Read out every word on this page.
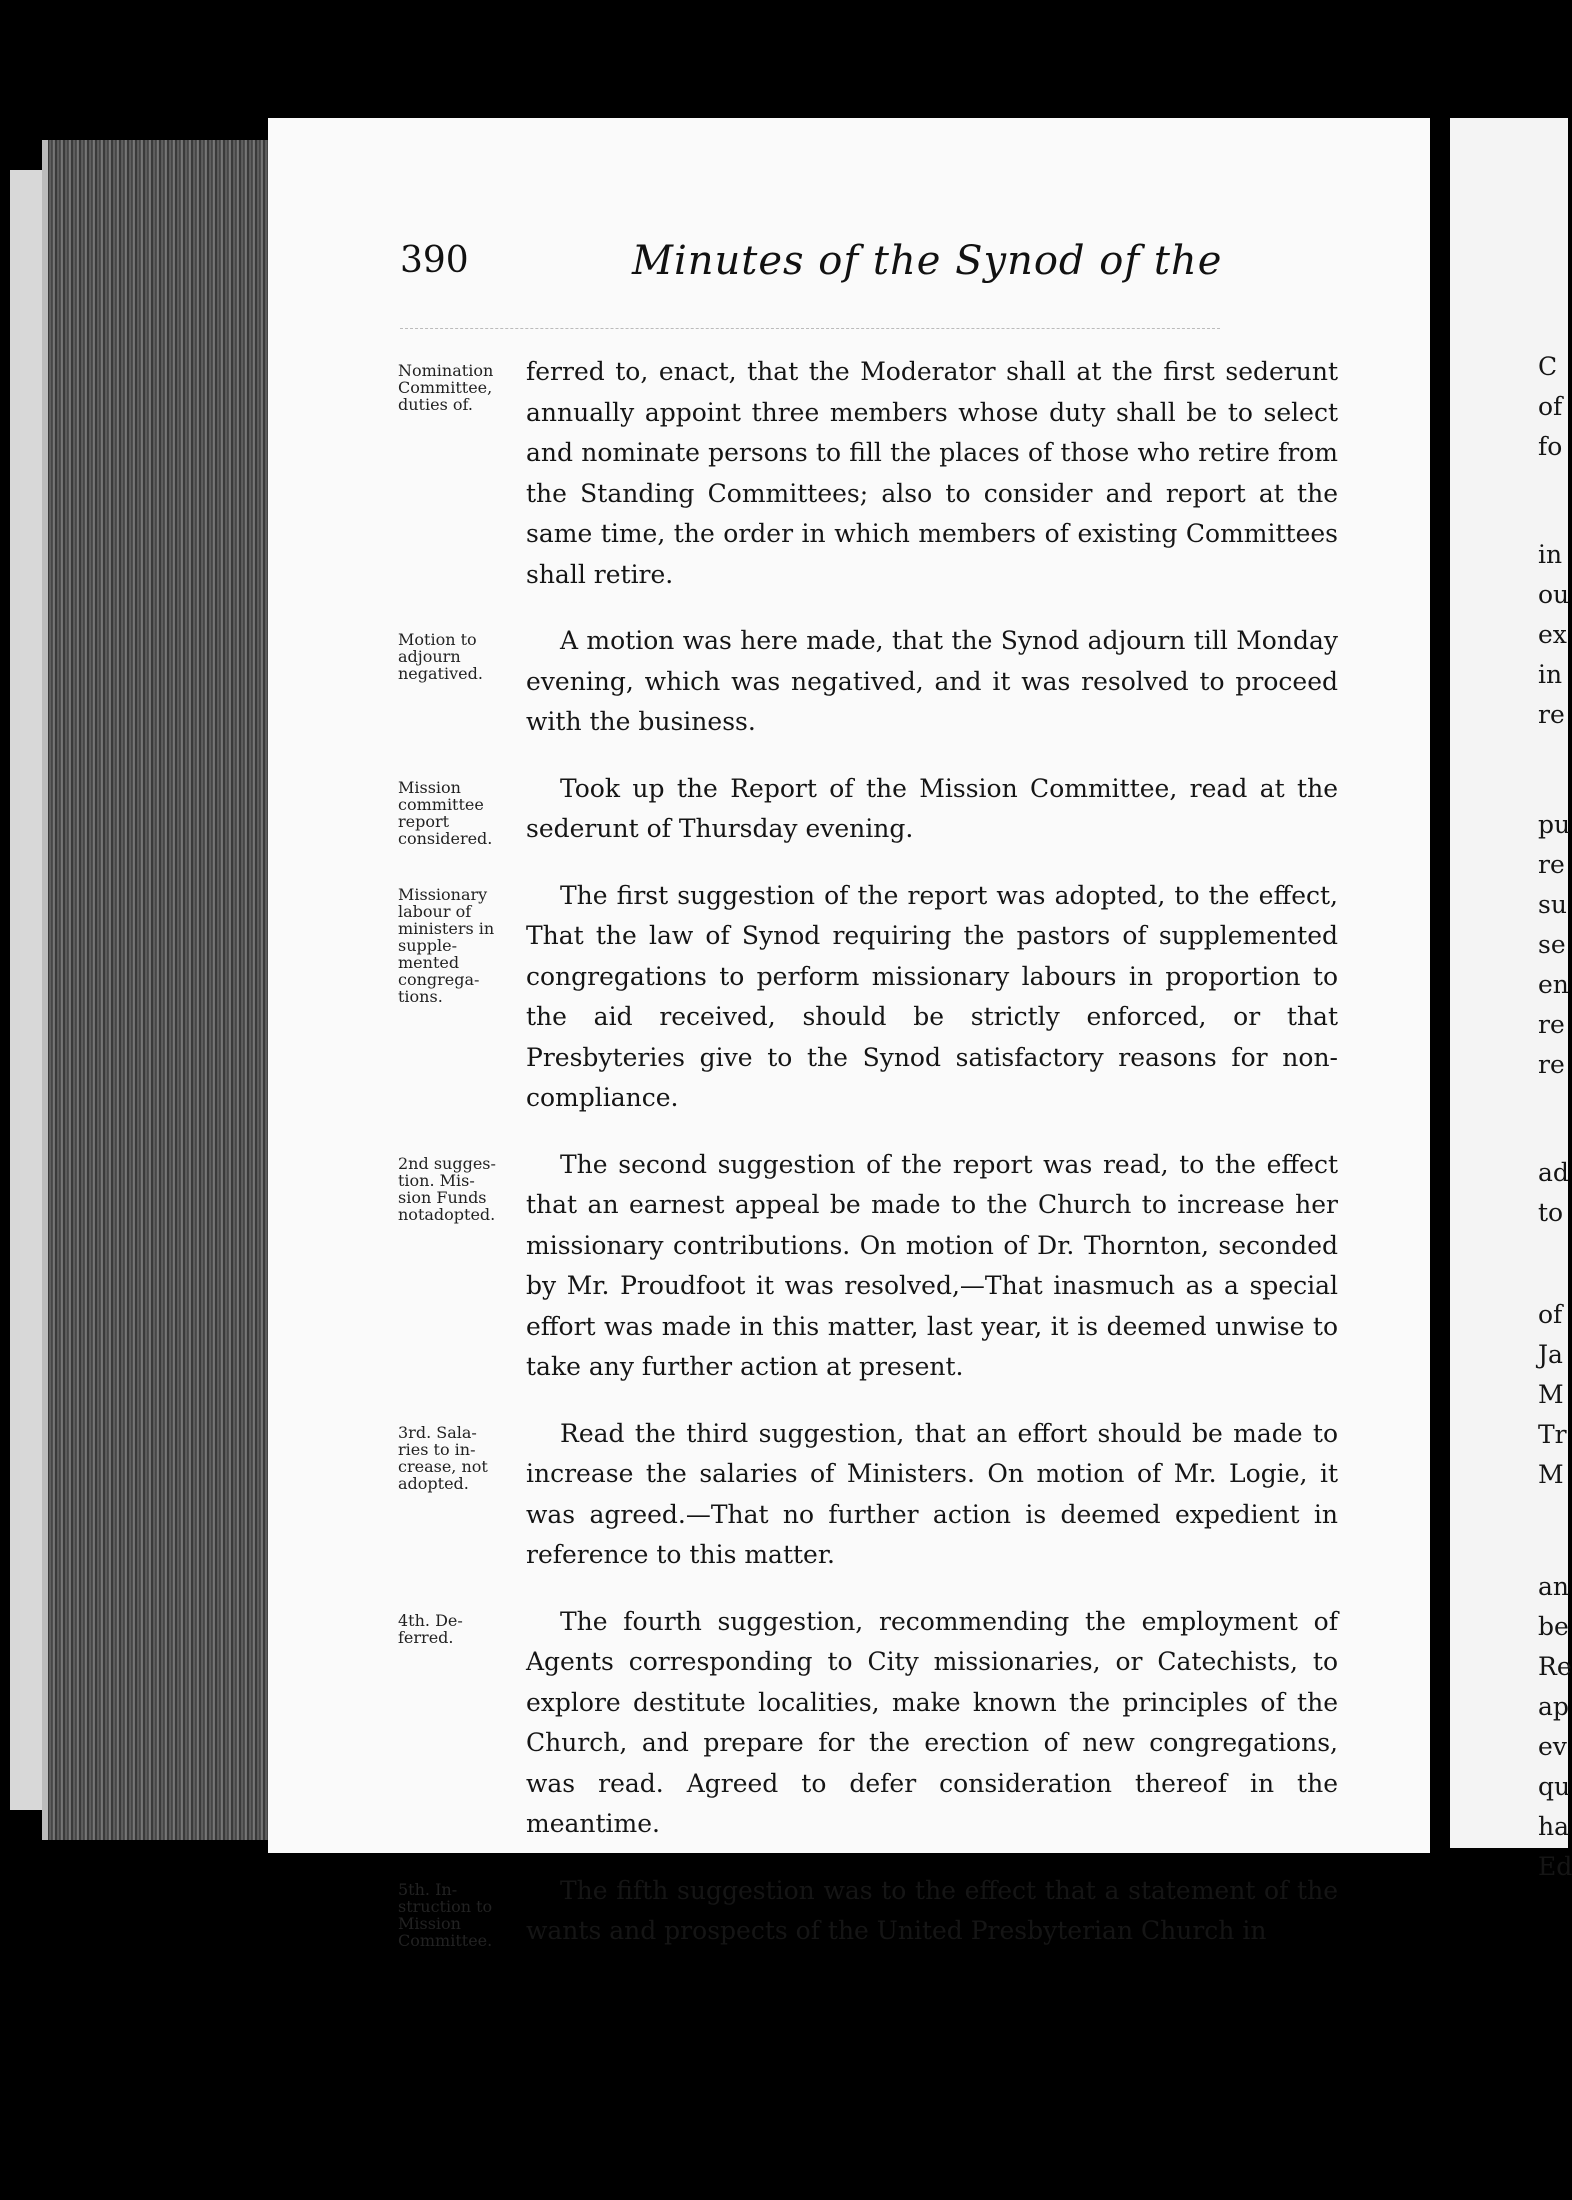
390	Minutes of the Synod of the
Nomination
Committee,
duties of.
ferred to, enact, that the Moderator shall at the first sederunt annually appoint three members whose duty shall be to select and nominate persons to fill the places of those who retire from the Standing Committees; also to consider and report at the same time, the order in which members of existing Committees shall retire.
Motion to
adjourn
negatived.
A motion was here made, that the Synod adjourn till Monday evening, which was negatived, and it was resolved to proceed with the business.
Mission
committee
report
considered.
Took up the Report of the Mission Committee, read at the sederunt of Thursday evening.
Missionary
labour of
ministers in
supple-
mented
congrega-
tions.
The first suggestion of the report was adopted, to the effect, That the law of Synod requiring the pastors of supplemented congregations to perform missionary labours in proportion to the aid received, should be strictly enforced, or that Presbyteries give to the Synod satisfactory reasons for non-compliance.
2nd sugges-
tion. Mis-
sion Funds
notadopted.
The second suggestion of the report was read, to the effect that an earnest appeal be made to the Church to increase her missionary contributions. On motion of Dr. Thornton, seconded by Mr. Proudfoot it was resolved,—That inasmuch as a special effort was made in this matter, last year, it is deemed unwise to take any further action at present.
3rd. Sala-
ries to in-
crease, not
adopted.
Read the third suggestion, that an effort should be made to increase the salaries of Ministers. On motion of Mr. Logie, it was agreed.—That no further action is deemed expedient in reference to this matter.
4th. De-
ferred.
The fourth suggestion, recommending the employment of Agents corresponding to City missionaries, or Catechists, to explore destitute localities, make known the principles of the Church, and prepare for the erection of new congregations, was read. Agreed to defer consideration thereof in the meantime.
5th. In-
struction to
Mission
Committee.
The fifth suggestion was to the effect that a statement of the wants and prospects of the United Presbyterian Church in
C
of
fo
in
ou
ex
in
re
pu
re
su
se
en
re
re
ad
to
of
Ja
M
Tr
M
an
be
Re
ap
ev
qu
ha
Ed
